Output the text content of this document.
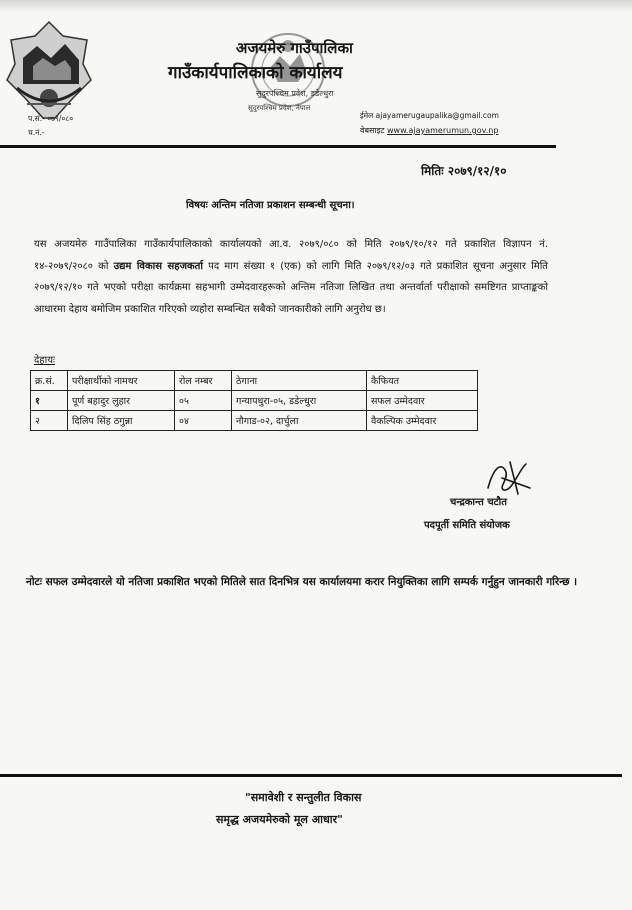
अजयमेरु गाउँपालिका
गाउँकार्यपालिकाको कार्यालय
सुदुरपश्चिम प्रदेश, डडेल्धुरा
सुदुरपश्चिम प्रदेश, नेपाल
प.सं.- ०७९/०८०
च.नं.-
ईमेल ajayamerugaupalika@gmail.com
वेबसाइट www.ajayamerumun.gov.np
मितिः २०७९/१२/१०
विषयः अन्तिम नतिजा प्रकाशन सम्बन्धी सूचना।
यस अजयमेरु गाउँपालिका गाउँकार्यपालिकाको कार्यालयको आ.व. २०७९/०८० को मिति २०७९/१०/१२ गते प्रकाशित विज्ञापन नं. १४-२०७९/२०८० को उद्यम विकास सहजकर्ता पद माग संख्या १ (एक) को लागि मिति २०७९/१२/०३ गते प्रकाशित सूचना अनुसार मिति २०७९/१२/१० गते भएको परीक्षा कार्यक्रमा सहभागी उम्मेदवारहरूको अन्तिम नतिजा लिखित तथा अन्तर्वार्ता परीक्षाको समष्टिगत प्राप्ताङ्कको आधारमा देहाय बमोजिम प्रकाशित गरिएको व्यहोरा सम्बन्धित सबैको जानकारीको लागि अनुरोध छ।
देहायः
क्र.सं.	परीक्षार्थीको नामथर	रोल नम्बर	ठेगाना	कैफियत
१	पूर्ण बहादुर लुहार	०५	गन्यापधुरा-०५, डडेल्धुरा	सफल उम्मेदवार
२	दिलिप सिंह ठगुन्ना	०४	नौगाड-०२, दार्चुला	वैकल्पिक उम्मेदवार
चन्द्रकान्त चटौत
पदपूर्ती समिति संयोजक
नोटः सफल उम्मेदवारले यो नतिजा प्रकाशित भएको मितिले सात दिनभित्र यस कार्यालयमा करार नियुक्तिका लागि सम्पर्क गर्नुहुन जानकारी गरिन्छ ।
"समावेशी र सन्तुलीत विकास
समृद्ध अजयमेरुको मूल आधार"
